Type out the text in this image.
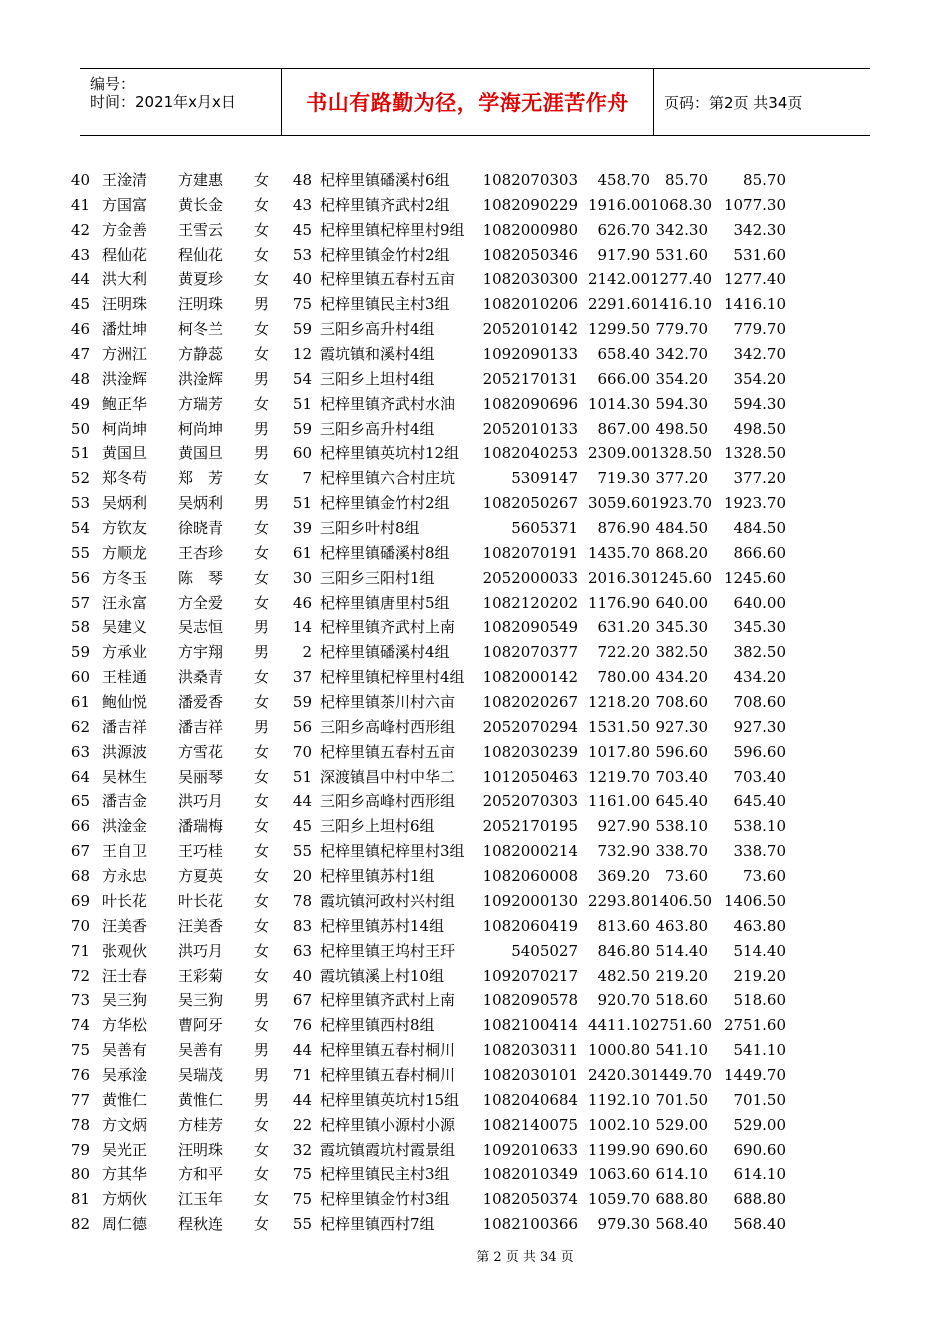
编号：
时间：2021年x月x日	书山有路勤为径，学海无涯苦作舟 页码：第2页 共34页
40 王淦清 方建惠 女	48 杞梓里镇磻溪村6组	1082070303	458.70	85.70	85.70
41 方国富 黄长金 女	43 杞梓里镇齐武村2组	1082090229 1916.00 1068.30 1077.30
42 方金善 王雪云 女	45 杞梓里镇杞梓里村9组	1082000980	626.70 342.30	342.30
43 程仙花 程仙花 女	53 杞梓里镇金竹村2组	1082050346	917.90 531.60	531.60
44 洪大利 黄夏珍 女	40 杞梓里镇五春村五亩	1082030300 2142.00 1277.40 1277.40
45 汪明珠 汪明珠 男	75 杞梓里镇民主村3组	1082010206 2291.60 1416.10 1416.10
46 潘灶坤 柯冬兰 女	59 三阳乡高升村4组	2052010142 1299.50 779.70	779.70
47 方洲江 方静蕊 女	12 霞坑镇和溪村4组	1092090133	658.40 342.70	342.70
48 洪淦辉 洪淦辉 男	54 三阳乡上坦村4组	2052170131	666.00 354.20	354.20
49 鲍正华 方瑞芳 女	51 杞梓里镇齐武村水油	1082090696 1014.30 594.30	594.30
50 柯尚坤 柯尚坤 男	59 三阳乡高升村4组	2052010133	867.00 498.50	498.50
51 黄国旦 黄国旦 男	60 杞梓里镇英坑村12组	1082040253 2309.00 1328.50 1328.50
52 郑冬苟 郑　芳 女	7 杞梓里镇六合村庄坑	5309147	719.30 377.20	377.20
53 吴炳利 吴炳利 男	51 杞梓里镇金竹村2组	1082050267 3059.60 1923.70 1923.70
54 方钦友 徐晓青 女	39 三阳乡叶村8组	5605371	876.90 484.50	484.50
55 方顺龙 王杏珍 女	61 杞梓里镇磻溪村8组	1082070191 1435.70 868.20	866.60
56 方冬玉 陈　琴 女	30 三阳乡三阳村1组	2052000033 2016.30 1245.60 1245.60
57 汪永富 方全爱 女	46 杞梓里镇唐里村5组	1082120202 1176.90 640.00	640.00
58 吴建义 吴志恒 男	14 杞梓里镇齐武村上南	1082090549	631.20 345.30	345.30
59 方承业 方宇翔 男	2 杞梓里镇磻溪村4组	1082070377	722.20 382.50	382.50
60 王桂通 洪桑青 女	37 杞梓里镇杞梓里村4组	1082000142	780.00 434.20	434.20
61 鲍仙悦 潘爱香 女	59 杞梓里镇茶川村六亩	1082020267 1218.20 708.60	708.60
62 潘吉祥 潘吉祥 男	56 三阳乡高峰村西形组	2052070294 1531.50 927.30	927.30
63 洪源波 方雪花 女	70 杞梓里镇五春村五亩	1082030239 1017.80 596.60	596.60
64 吴林生 吴丽琴 女	51 深渡镇昌中村中华二	1012050463 1219.70 703.40	703.40
65 潘吉金 洪巧月 女	44 三阳乡高峰村西形组	2052070303 1161.00 645.40	645.40
66 洪淦金 潘瑞梅 女	45 三阳乡上坦村6组	2052170195	927.90 538.10	538.10
67 王自卫 王巧桂 女	55 杞梓里镇杞梓里村3组	1082000214	732.90 338.70	338.70
68 方永忠 方夏英 女	20 杞梓里镇苏村1组	1082060008	369.20	73.60	73.60
69 叶长花 叶长花 女	78 霞坑镇河政村兴村组	1092000130 2293.80 1406.50 1406.50
70 汪美香 汪美香 女	83 杞梓里镇苏村14组	1082060419	813.60 463.80	463.80
71 张观伙 洪巧月 女	63 杞梓里镇王坞村王玕	5405027	846.80 514.40	514.40
72 汪士春 王彩菊 女	40 霞坑镇溪上村10组	1092070217	482.50 219.20	219.20
73 吴三狗 吴三狗 男	67 杞梓里镇齐武村上南	1082090578	920.70 518.60	518.60
74 方华松 曹阿牙 女	76 杞梓里镇西村8组	1082100414 4411.10 2751.60 2751.60
75 吴善有 吴善有 男	44 杞梓里镇五春村桐川	1082030311 1000.80 541.10	541.10
76 吴承淦 吴瑞茂 男	71 杞梓里镇五春村桐川	1082030101 2420.30 1449.70 1449.70
77 黄惟仁 黄惟仁 男	44 杞梓里镇英坑村15组	1082040684 1192.10 701.50	701.50
78 方文炳 方桂芳 女	22 杞梓里镇小源村小源	1082140075 1002.10 529.00	529.00
79 吴光正 汪明珠 女	32 霞坑镇霞坑村霞景组	1092010633 1199.90 690.60	690.60
80 方其华 方和平 女	75 杞梓里镇民主村3组	1082010349 1063.60 614.10	614.10
81 方炳伙 江玉年 女	75 杞梓里镇金竹村3组	1082050374 1059.70 688.80	688.80
82 周仁德 程秋连 女	55 杞梓里镇西村7组	1082100366	979.30 568.40	568.40
第 2 页 共 34 页
